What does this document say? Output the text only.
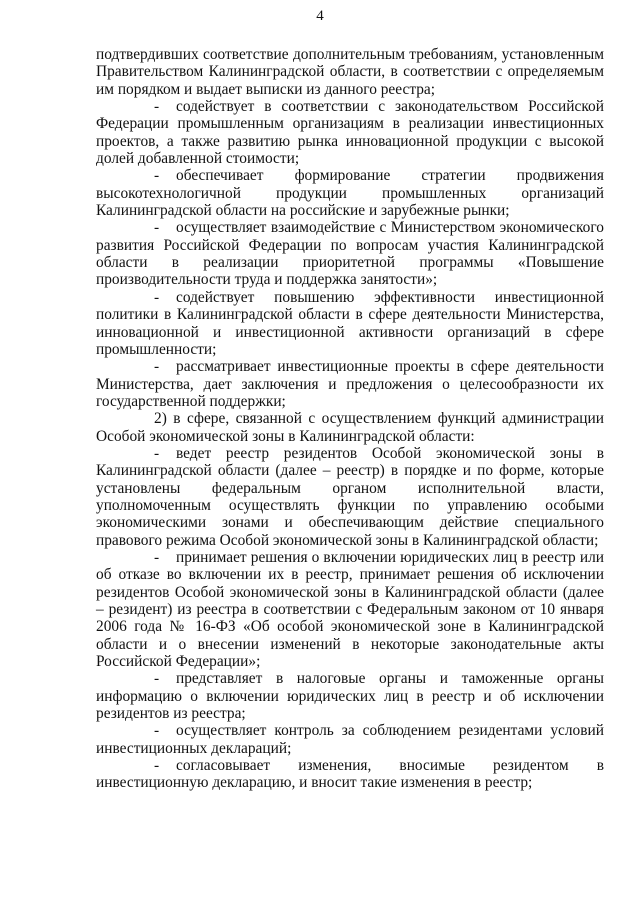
4

подтвердивших соответствие дополнительным требованиям, установленным Правительством Калининградской области, в соответствии с определяемым им порядком и выдает выписки из данного реестра;

- содействует в соответствии с законодательством Российской Федерации промышленным организациям в реализации инвестиционных проектов, а также развитию рынка инновационной продукции с высокой долей добавленной стоимости;

- обеспечивает формирование стратегии продвижения высокотехнологичной продукции промышленных организаций Калининградской области на российские и зарубежные рынки;

- осуществляет взаимодействие с Министерством экономического развития Российской Федерации по вопросам участия Калининградской области в реализации приоритетной программы «Повышение производительности труда и поддержка занятости»;

- содействует повышению эффективности инвестиционной политики в Калининградской области в сфере деятельности Министерства, инновационной и инвестиционной активности организаций в сфере промышленности;

- рассматривает инвестиционные проекты в сфере деятельности Министерства, дает заключения и предложения о целесообразности их государственной поддержки;

2) в сфере, связанной с осуществлением функций администрации Особой экономической зоны в Калининградской области:

- ведет реестр резидентов Особой экономической зоны в Калининградской области (далее – реестр) в порядке и по форме, которые установлены федеральным органом исполнительной власти, уполномоченным осуществлять функции по управлению особыми экономическими зонами и обеспечивающим действие специального правового режима Особой экономической зоны в Калининградской области;

- принимает решения о включении юридических лиц в реестр или об отказе во включении их в реестр, принимает решения об исключении резидентов Особой экономической зоны в Калининградской области (далее – резидент) из реестра в соответствии с Федеральным законом от 10 января 2006 года № 16-ФЗ «Об особой экономической зоне в Калининградской области и о внесении изменений в некоторые законодательные акты Российской Федерации»;

- представляет в налоговые органы и таможенные органы информацию о включении юридических лиц в реестр и об исключении резидентов из реестра;

- осуществляет контроль за соблюдением резидентами условий инвестиционных деклараций;

- согласовывает изменения, вносимые резидентом в инвестиционную декларацию, и вносит такие изменения в реестр;
